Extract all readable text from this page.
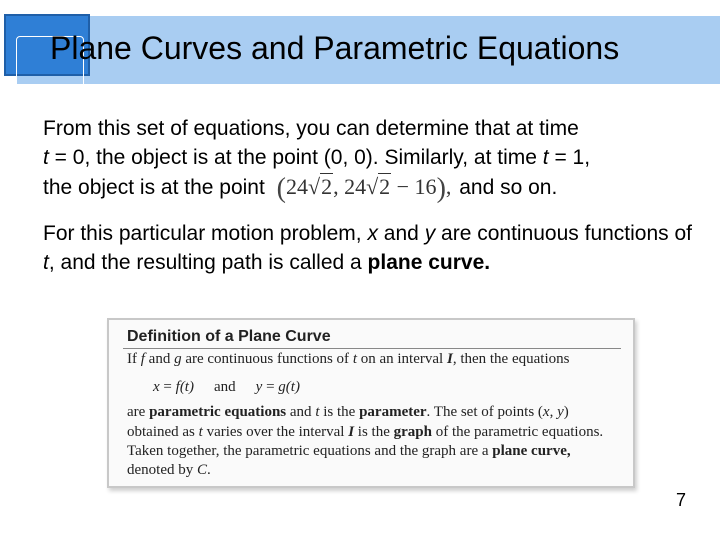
Plane Curves and Parametric Equations

From this set of equations, you can determine that at time
t = 0, the object is at the point (0, 0). Similarly, at time t = 1,
the object is at the point (24√2, 24√2 − 16), and so on.

For this particular motion problem, x and y are continuous functions of t, and the resulting path is called a plane curve.

Definition of a Plane Curve
If f and g are continuous functions of t on an interval I, then the equations
x = f(t) and y = g(t)
are parametric equations and t is the parameter. The set of points (x, y)
obtained as t varies over the interval I is the graph of the parametric equations.
Taken together, the parametric equations and the graph are a plane curve,
denoted by C.
7
